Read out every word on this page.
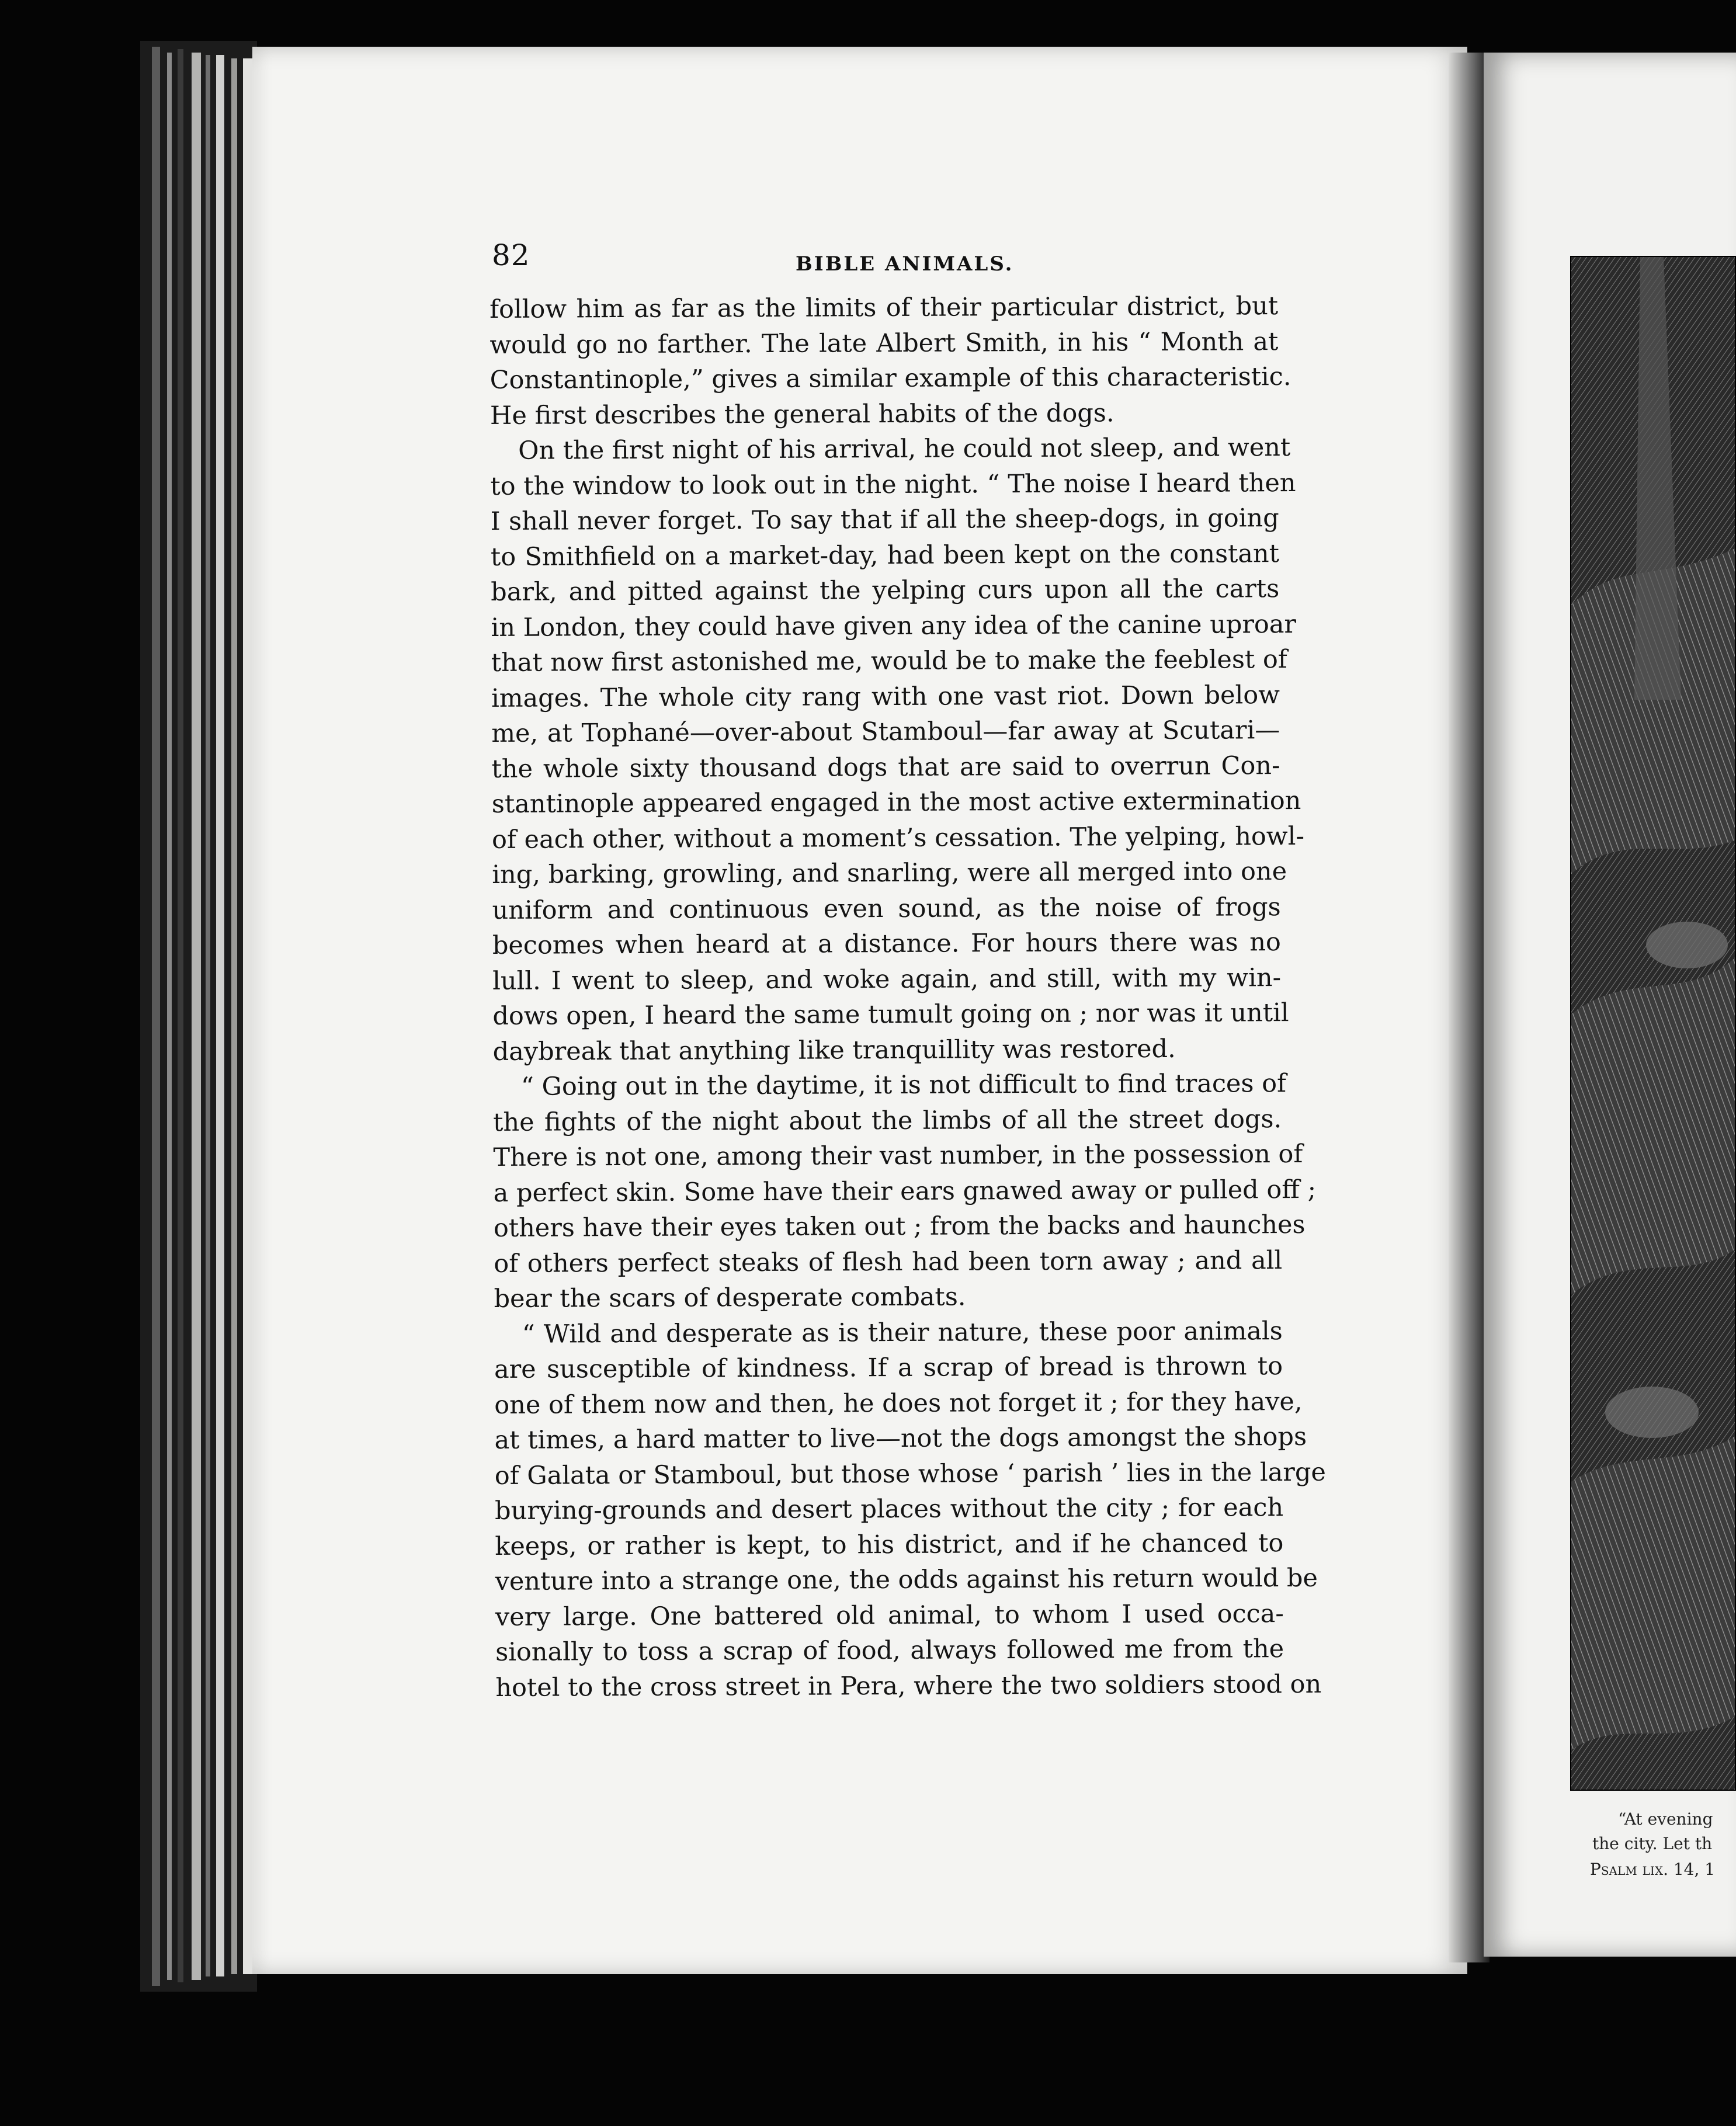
82	BIBLE ANIMALS.
follow him as far as the limits of their particular district, but
would go no farther. The late Albert Smith, in his “ Month at
Constantinople,” gives a similar example of this characteristic.
He first describes the general habits of the dogs.
On the first night of his arrival, he could not sleep, and went
to the window to look out in the night. “ The noise I heard then
I shall never forget. To say that if all the sheep-dogs, in going
to Smithfield on a market-day, had been kept on the constant
bark, and pitted against the yelping curs upon all the carts
in London, they could have given any idea of the canine uproar
that now first astonished me, would be to make the feeblest of
images. The whole city rang with one vast riot. Down below
me, at Tophané—over-about Stamboul—far away at Scutari—
the whole sixty thousand dogs that are said to overrun Con-
stantinople appeared engaged in the most active extermination
of each other, without a moment’s cessation. The yelping, howl-
ing, barking, growling, and snarling, were all merged into one
uniform and continuous even sound, as the noise of frogs
becomes when heard at a distance. For hours there was no
lull. I went to sleep, and woke again, and still, with my win-
dows open, I heard the same tumult going on ; nor was it until
daybreak that anything like tranquillity was restored.
“ Going out in the daytime, it is not difficult to find traces of
the fights of the night about the limbs of all the street dogs.
There is not one, among their vast number, in the possession of
a perfect skin. Some have their ears gnawed away or pulled off ;
others have their eyes taken out ; from the backs and haunches
of others perfect steaks of flesh had been torn away ; and all
bear the scars of desperate combats.
“ Wild and desperate as is their nature, these poor animals
are susceptible of kindness. If a scrap of bread is thrown to
one of them now and then, he does not forget it ; for they have,
at times, a hard matter to live—not the dogs amongst the shops
of Galata or Stamboul, but those whose ‘ parish ’ lies in the large
burying-grounds and desert places without the city ; for each
keeps, or rather is kept, to his district, and if he chanced to
venture into a strange one, the odds against his return would be
very large. One battered old animal, to whom I used occa-
sionally to toss a scrap of food, always followed me from the
hotel to the cross street in Pera, where the two soldiers stood on
“At evening
the city. Let th
Psalm lix. 14, 1
